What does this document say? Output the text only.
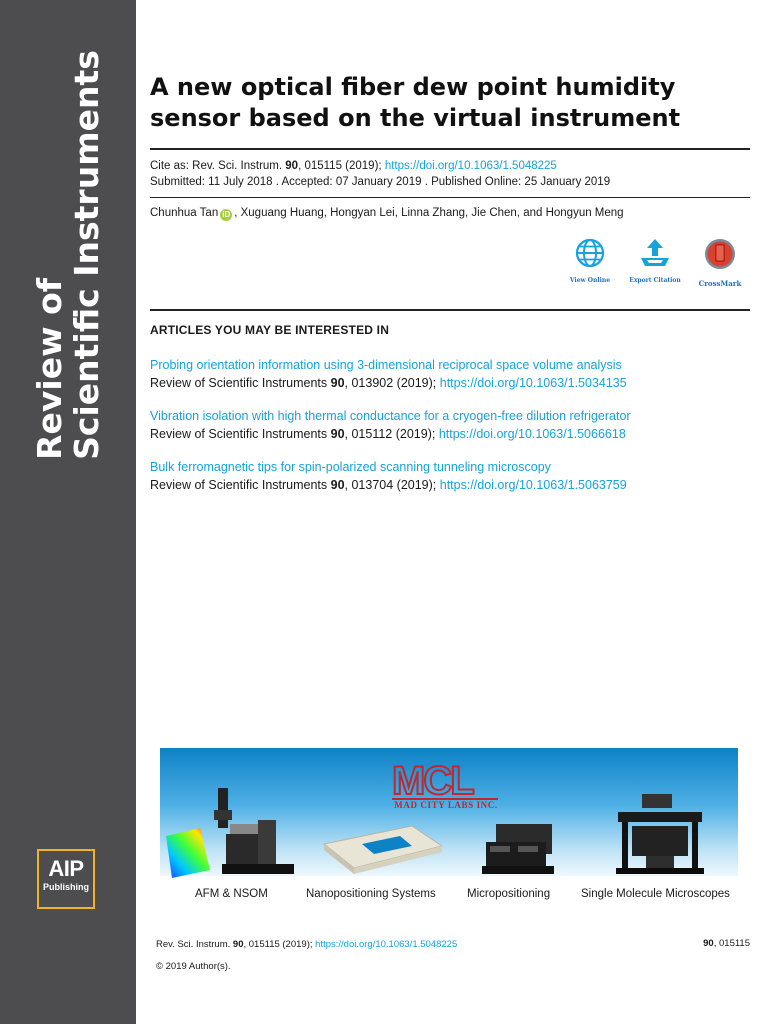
Review of
Scientific Instruments
AIP
Publishing
A new optical fiber dew point humidity sensor based on the virtual instrument
Cite as: Rev. Sci. Instrum. 90, 015115 (2019); https://doi.org/10.1063/1.5048225
Submitted: 11 July 2018 . Accepted: 07 January 2019 . Published Online: 25 January 2019
Chunhua Tan iD , Xuguang Huang, Hongyan Lei, Linna Zhang, Jie Chen, and Hongyun Meng
View Online	Export Citation	CrossMark
ARTICLES YOU MAY BE INTERESTED IN
Probing orientation information using 3-dimensional reciprocal space volume analysis
Review of Scientific Instruments 90, 013902 (2019); https://doi.org/10.1063/1.5034135
Vibration isolation with high thermal conductance for a cryogen-free dilution refrigerator
Review of Scientific Instruments 90, 015112 (2019); https://doi.org/10.1063/1.5066618
Bulk ferromagnetic tips for spin-polarized scanning tunneling microscopy
Review of Scientific Instruments 90, 013704 (2019); https://doi.org/10.1063/1.5063759
MCL
MAD CITY LABS INC.
AFM & NSOM	Nanopositioning Systems	Micropositioning	Single Molecule Microscopes
Rev. Sci. Instrum. 90, 015115 (2019); https://doi.org/10.1063/1.5048225
© 2019 Author(s).
90, 015115
